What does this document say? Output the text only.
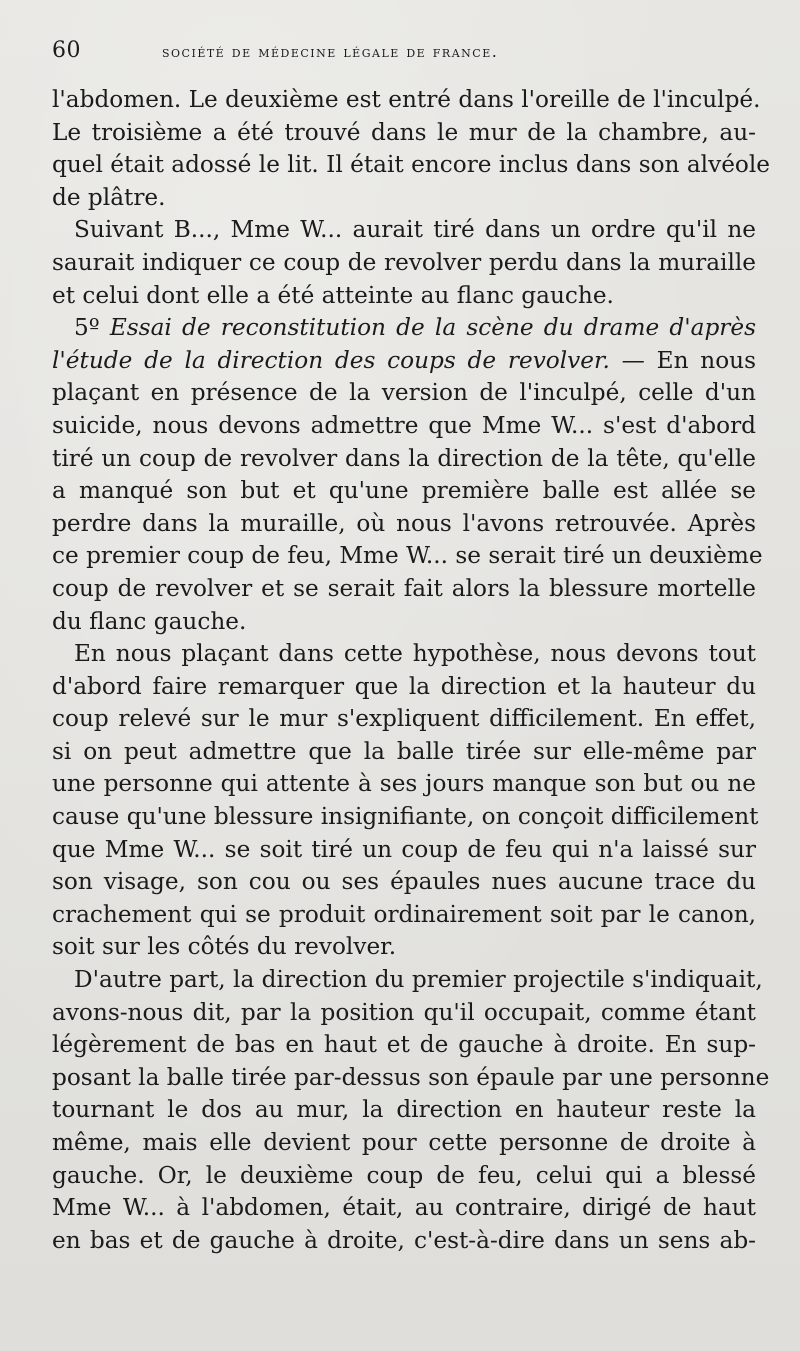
60	société de médecine légale de france.

l'abdomen. Le deuxième est entré dans l'oreille de l'inculpé.
Le troisième a été trouvé dans le mur de la chambre, au-
quel était adossé le lit. Il était encore inclus dans son alvéole
de plâtre.

Suivant B..., Mme W... aurait tiré dans un ordre qu'il ne
saurait indiquer ce coup de revolver perdu dans la muraille
et celui dont elle a été atteinte au flanc gauche.

5º Essai de reconstitution de la scène du drame d'après
l'étude de la direction des coups de revolver. — En nous
plaçant en présence de la version de l'inculpé, celle d'un
suicide, nous devons admettre que Mme W... s'est d'abord
tiré un coup de revolver dans la direction de la tête, qu'elle
a manqué son but et qu'une première balle est allée se
perdre dans la muraille, où nous l'avons retrouvée. Après
ce premier coup de feu, Mme W... se serait tiré un deuxième
coup de revolver et se serait fait alors la blessure mortelle
du flanc gauche.

En nous plaçant dans cette hypothèse, nous devons tout
d'abord faire remarquer que la direction et la hauteur du
coup relevé sur le mur s'expliquent difficilement. En effet,
si on peut admettre que la balle tirée sur elle-même par
une personne qui attente à ses jours manque son but ou ne
cause qu'une blessure insignifiante, on conçoit difficilement
que Mme W... se soit tiré un coup de feu qui n'a laissé sur
son visage, son cou ou ses épaules nues aucune trace du
crachement qui se produit ordinairement soit par le canon,
soit sur les côtés du revolver.

D'autre part, la direction du premier projectile s'indiquait,
avons-nous dit, par la position qu'il occupait, comme étant
légèrement de bas en haut et de gauche à droite. En sup-
posant la balle tirée par-dessus son épaule par une personne
tournant le dos au mur, la direction en hauteur reste la
même, mais elle devient pour cette personne de droite à
gauche. Or, le deuxième coup de feu, celui qui a blessé
Mme W... à l'abdomen, était, au contraire, dirigé de haut
en bas et de gauche à droite, c'est-à-dire dans un sens ab-
